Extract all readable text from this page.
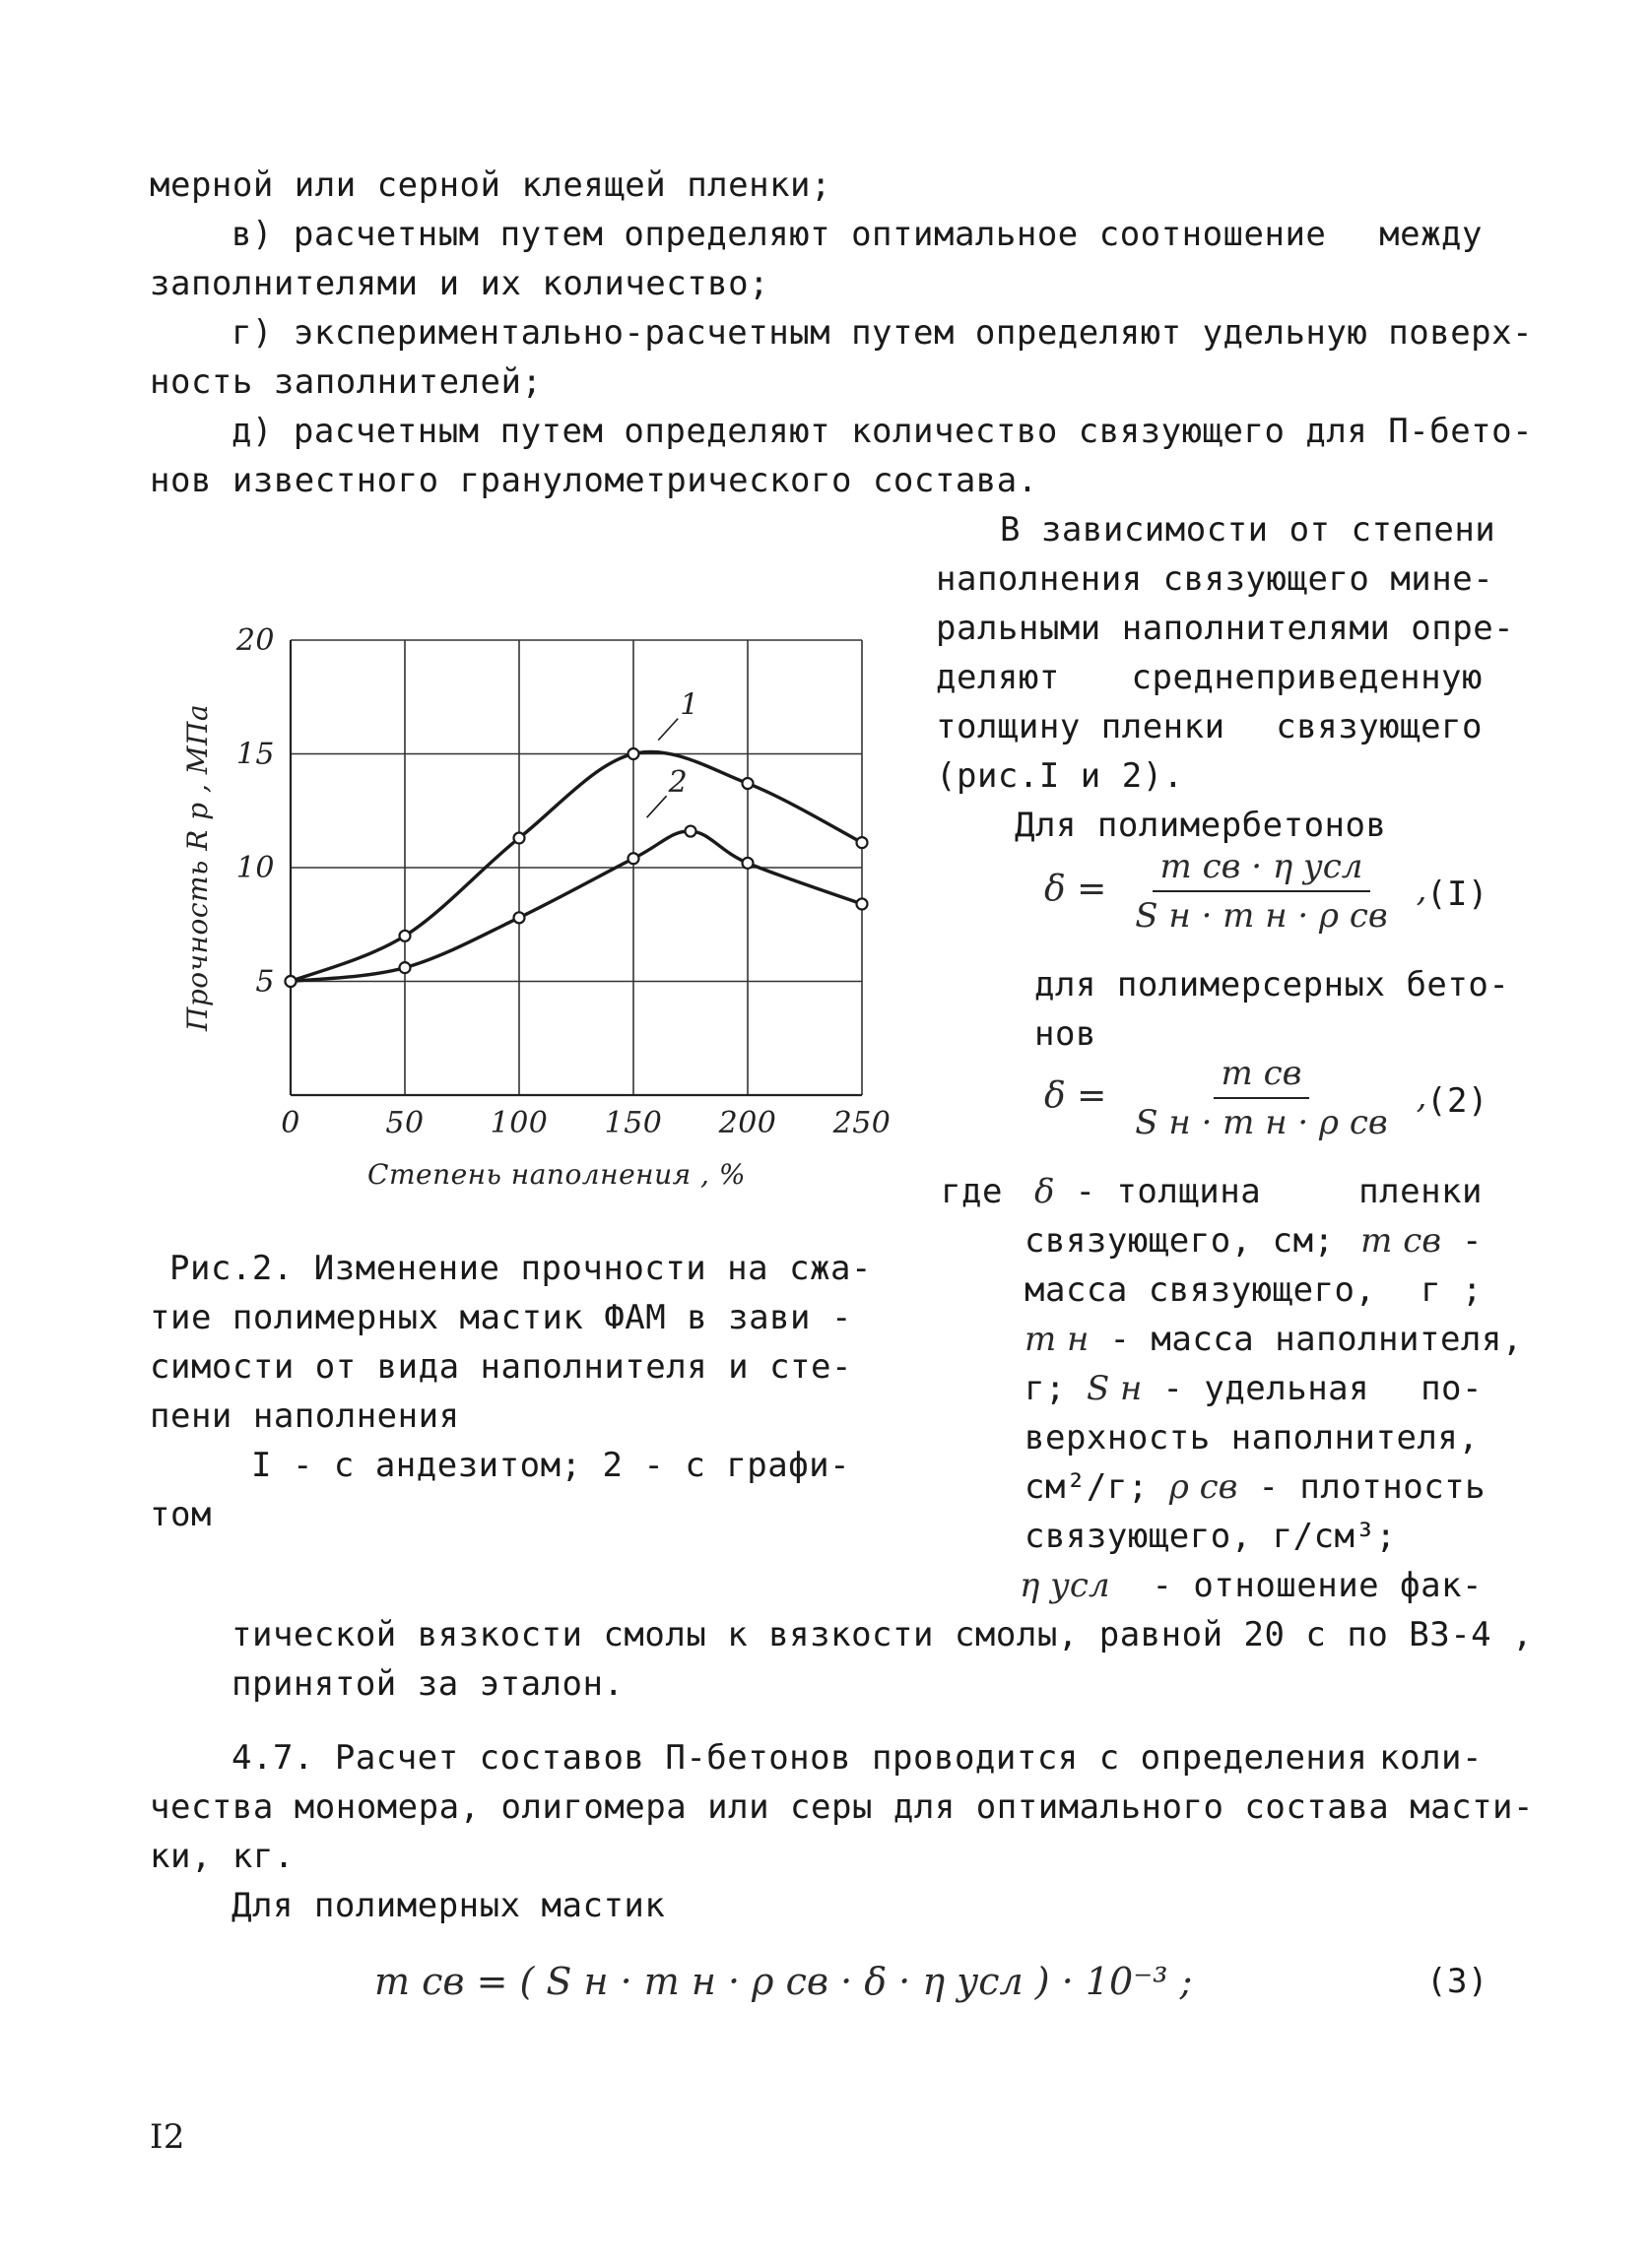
мерной или серной клеящей пленки;
в) расчетным путем определяют оптимальное соотношение между
заполнителями и их количество;
г) экспериментально-расчетным путем определяют удельную поверх-
ность заполнителей;
д) расчетным путем определяют количество связующего для П-бето-
нов известного гранулометрического состава.
В зависимости от степени
наполнения связующего мине-
ральными наполнителями опре-
деляют среднеприведенную
толщину пленки связующего
(рис.I и 2).
Для полимербетонов
$\delta = \frac{\text{m св · η усл}}{\text{S н · m н · ρ св}}$ , (I)
для полимерсерных бето-
нов
$\delta = \frac{\text{m св}}{\text{S н · m н · ρ св}}$ , (2)
где δ - толщина	пленки
связующего, см; m св -
масса связующего, г ;
m н - масса наполнителя,
г; S н - удельная по-
верхность наполнителя,
см²/г; ρ св - плотность
связующего, г/см³;
η усл - отношение фак-
тической вязкости смолы к вязкости смолы, равной 20 с по ВЗ-4 ,
принятой за эталон.
Рис.2. Изменение прочности на сжа-
тие полимерных мастик ФАМ в зави -
симости от вида наполнителя и сте-
пени наполнения
I - с андезитом; 2 - с графи-
том
4.7. Расчет составов П-бетонов проводится с определения коли-
чества мономера, олигомера или серы для оптимального состава масти-
ки, кг.
Для полимерных мастик
m св = ( S н · m н · ρ св · δ · η усл ) · 10⁻³ ;	(3)
I2
0	50 100 150 200 250
5
10
15
20
Степень наполнения , %
Прочность R р , МПа	1
2
